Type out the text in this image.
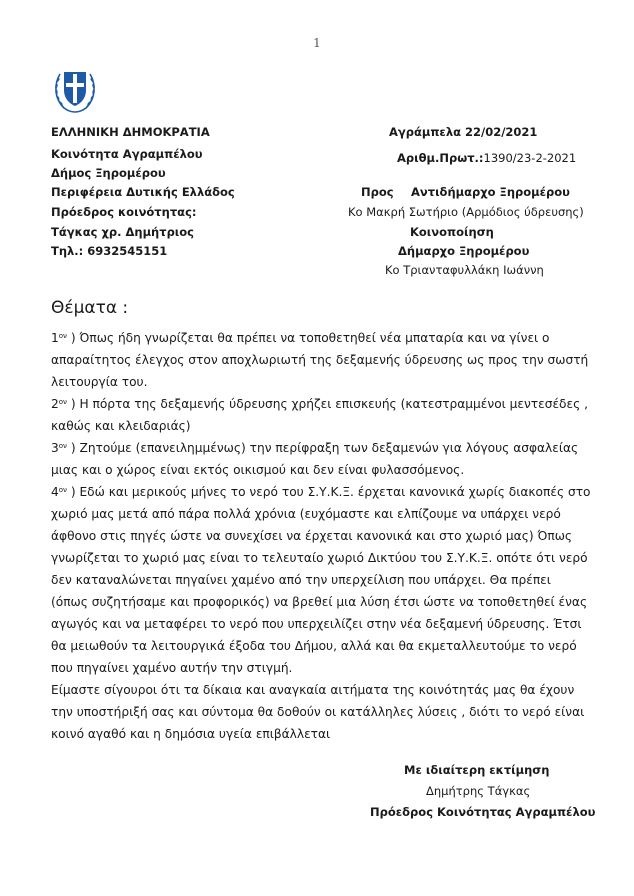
1
ΕΛΛΗΝΙΚΗ ΔΗΜΟΚΡΑΤΙΑ
Κοινότητα Αγραμπέλου
Δήμος Ξηρομέρου
Περιφέρεια Δυτικής Ελλάδος
Πρόεδρος κοινότητας:
Τάγκας χρ. Δημήτριος
Τηλ.: 6932545151
Αγράμπελα 22/02/2021
Αριθμ.Πρωτ.:1390/23-2-2021
Προς Αντιδήμαρχο Ξηρομέρου
Κο Μακρή Σωτήριο (Αρμόδιος ύδρευσης)
Κοινοποίηση
Δήμαρχο Ξηρομέρου
Κο Τριανταφυλλάκη Ιωάννη
Θέματα :

$1^{o\nu}$ ) Όπως ήδη γνωρίζεται θα πρέπει να τοποθετηθεί νέα μπαταρία και να γίνει ο απαραίτητος έλεγχος στον αποχλωριωτή της δεξαμενής ύδρευσης ως προς την σωστή λειτουργία του.

$2^{o\nu}$ ) Η πόρτα της δεξαμενής ύδρευσης χρήζει επισκευής (κατεστραμμένοι μεντεσέδες , καθώς και κλειδαριάς)

$3^{o\nu}$ ) Ζητούμε (επανειλημμένως) την περίφραξη των δεξαμενών για λόγους ασφαλείας μιας και ο χώρος είναι εκτός οικισμού και δεν είναι φυλασσόμενος.

$4^{o\nu}$ ) Εδώ και μερικούς μήνες το νερό του Σ.Υ.Κ.Ξ. έρχεται κανονικά χωρίς διακοπές στο χωριό μας μετά από πάρα πολλά χρόνια (ευχόμαστε και ελπίζουμε να υπάρχει νερό άφθονο στις πηγές ώστε να συνεχίσει να έρχεται κανονικά και στο χωριό μας) Όπως γνωρίζεται το χωριό μας είναι το τελευταίο χωριό Δικτύου του Σ.Υ.Κ.Ξ. οπότε ότι νερό δεν καταναλώνεται πηγαίνει χαμένο από την υπερχείλιση που υπάρχει. Θα πρέπει (όπως συζητήσαμε και προφορικός) να βρεθεί μια λύση έτσι ώστε να τοποθετηθεί ένας αγωγός και να μεταφέρει το νερό που υπερχειλίζει στην νέα δεξαμενή ύδρευσης. Έτσι θα μειωθούν τα λειτουργικά έξοδα του Δήμου, αλλά και θα εκμεταλλευτούμε το νερό που πηγαίνει χαμένο αυτήν την στιγμή.

Είμαστε σίγουροι ότι τα δίκαια και αναγκαία αιτήματα της κοινότητάς μας θα έχουν την υποστήριξή σας και σύντομα θα δοθούν οι κατάλληλες λύσεις , διότι το νερό είναι κοινό αγαθό και η δημόσια υγεία επιβάλλεται

Με ιδιαίτερη εκτίμηση
Δημήτρης Τάγκας
Πρόεδρος Κοινότητας Αγραμπέλου
